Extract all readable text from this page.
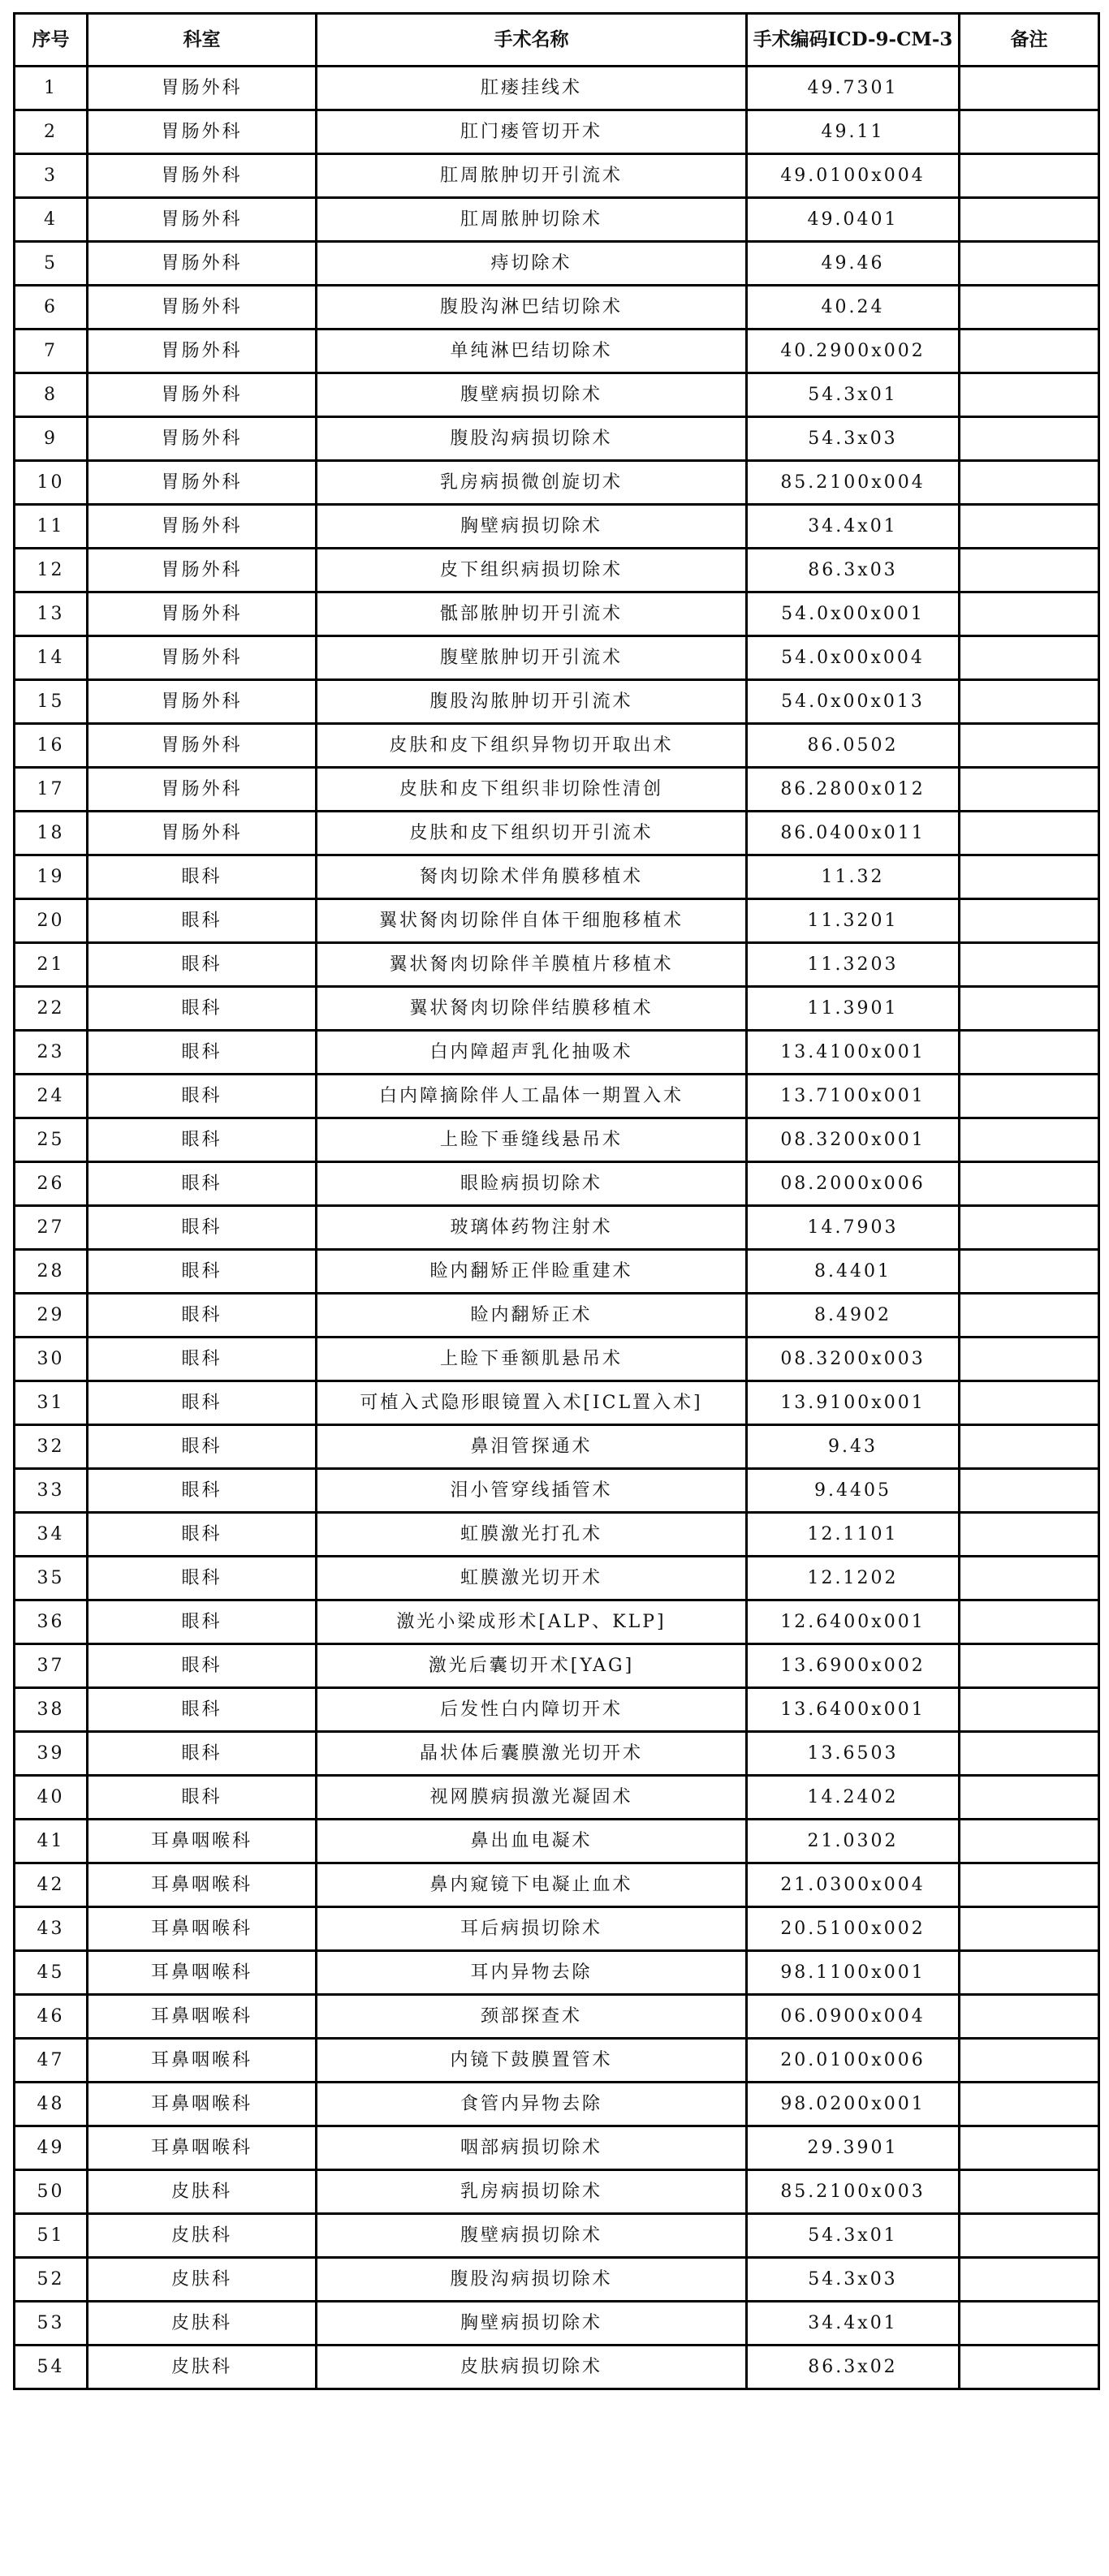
序号	科室	手术名称	手术编码ICD-9-CM-3	备注

1	胃肠外科	肛瘘挂线术	49.7301	

2	胃肠外科	肛门瘘管切开术	49.11	

3	胃肠外科	肛周脓肿切开引流术	49.0100x004	

4	胃肠外科	肛周脓肿切除术	49.0401	

5	胃肠外科	痔切除术	49.46	

6	胃肠外科	腹股沟淋巴结切除术	40.24	

7	胃肠外科	单纯淋巴结切除术	40.2900x002	

8	胃肠外科	腹壁病损切除术	54.3x01	

9	胃肠外科	腹股沟病损切除术	54.3x03	

10	胃肠外科	乳房病损微创旋切术	85.2100x004	

11	胃肠外科	胸壁病损切除术	34.4x01	

12	胃肠外科	皮下组织病损切除术	86.3x03	

13	胃肠外科	骶部脓肿切开引流术	54.0x00x001	

14	胃肠外科	腹壁脓肿切开引流术	54.0x00x004	

15	胃肠外科	腹股沟脓肿切开引流术	54.0x00x013	

16	胃肠外科	皮肤和皮下组织异物切开取出术	86.0502	

17	胃肠外科	皮肤和皮下组织非切除性清创	86.2800x012	

18	胃肠外科	皮肤和皮下组织切开引流术	86.0400x011	

19	眼科	胬肉切除术伴角膜移植术	11.32	

20	眼科	翼状胬肉切除伴自体干细胞移植术	11.3201	

21	眼科	翼状胬肉切除伴羊膜植片移植术	11.3203	

22	眼科	翼状胬肉切除伴结膜移植术	11.3901	

23	眼科	白内障超声乳化抽吸术	13.4100x001	

24	眼科	白内障摘除伴人工晶体一期置入术	13.7100x001	

25	眼科	上睑下垂缝线悬吊术	08.3200x001	

26	眼科	眼睑病损切除术	08.2000x006	

27	眼科	玻璃体药物注射术	14.7903	

28	眼科	睑内翻矫正伴睑重建术	8.4401	

29	眼科	睑内翻矫正术	8.4902	

30	眼科	上睑下垂额肌悬吊术	08.3200x003	

31	眼科	可植入式隐形眼镜置入术[ICL置入术]	13.9100x001	

32	眼科	鼻泪管探通术	9.43	

33	眼科	泪小管穿线插管术	9.4405	

34	眼科	虹膜激光打孔术	12.1101	

35	眼科	虹膜激光切开术	12.1202	

36	眼科	激光小梁成形术[ALP、KLP]	12.6400x001	

37	眼科	激光后囊切开术[YAG]	13.6900x002	

38	眼科	后发性白内障切开术	13.6400x001	

39	眼科	晶状体后囊膜激光切开术	13.6503	

40	眼科	视网膜病损激光凝固术	14.2402	

41	耳鼻咽喉科	鼻出血电凝术	21.0302	

42	耳鼻咽喉科	鼻内窥镜下电凝止血术	21.0300x004	

43	耳鼻咽喉科	耳后病损切除术	20.5100x002	

45	耳鼻咽喉科	耳内异物去除	98.1100x001	

46	耳鼻咽喉科	颈部探查术	06.0900x004	

47	耳鼻咽喉科	内镜下鼓膜置管术	20.0100x006	

48	耳鼻咽喉科	食管内异物去除	98.0200x001	

49	耳鼻咽喉科	咽部病损切除术	29.3901	

50	皮肤科	乳房病损切除术	85.2100x003	

51	皮肤科	腹壁病损切除术	54.3x01	

52	皮肤科	腹股沟病损切除术	54.3x03	

53	皮肤科	胸壁病损切除术	34.4x01	

54	皮肤科	皮肤病损切除术	86.3x02	
